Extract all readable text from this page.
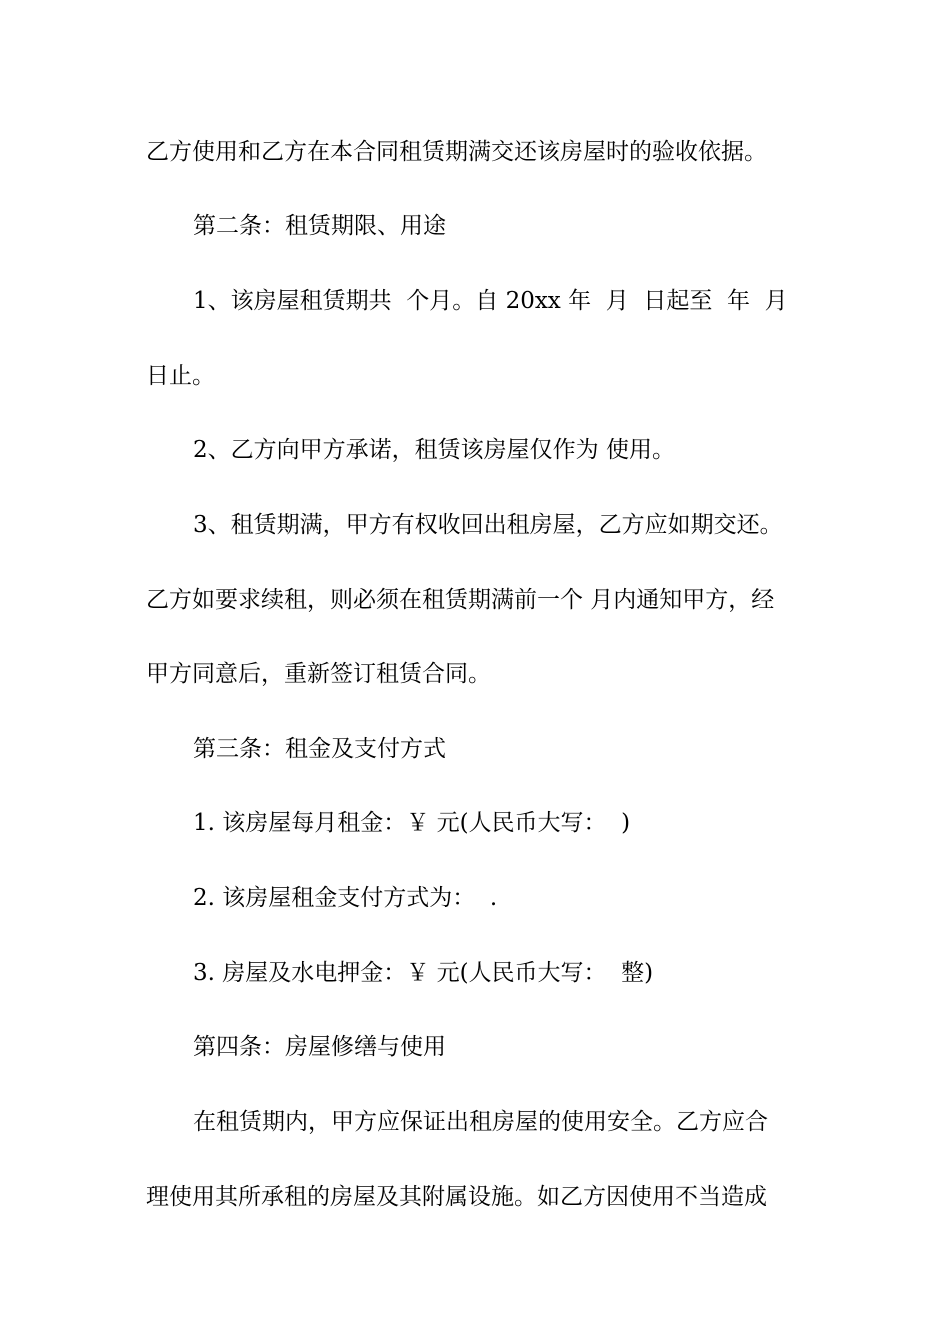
乙方使用和乙方在本合同租赁期满交还该房屋时的验收依据。
第二条：租赁期限、用途
1、该房屋租赁期共  个月。自 20xx 年  月  日起至  年  月
日止。
2、乙方向甲方承诺，租赁该房屋仅作为 使用。
3、租赁期满，甲方有权收回出租房屋，乙方应如期交还。
乙方如要求续租，则必须在租赁期满前一个 月内通知甲方，经
甲方同意后，重新签订租赁合同。
第三条：租金及支付方式
1. 该房屋每月租金：￥ 元(人民币大写：  )
2. 该房屋租金支付方式为：  .
3. 房屋及水电押金：￥ 元(人民币大写：  整)
第四条：房屋修缮与使用
在租赁期内，甲方应保证出租房屋的使用安全。乙方应合
理使用其所承租的房屋及其附属设施。如乙方因使用不当造成
